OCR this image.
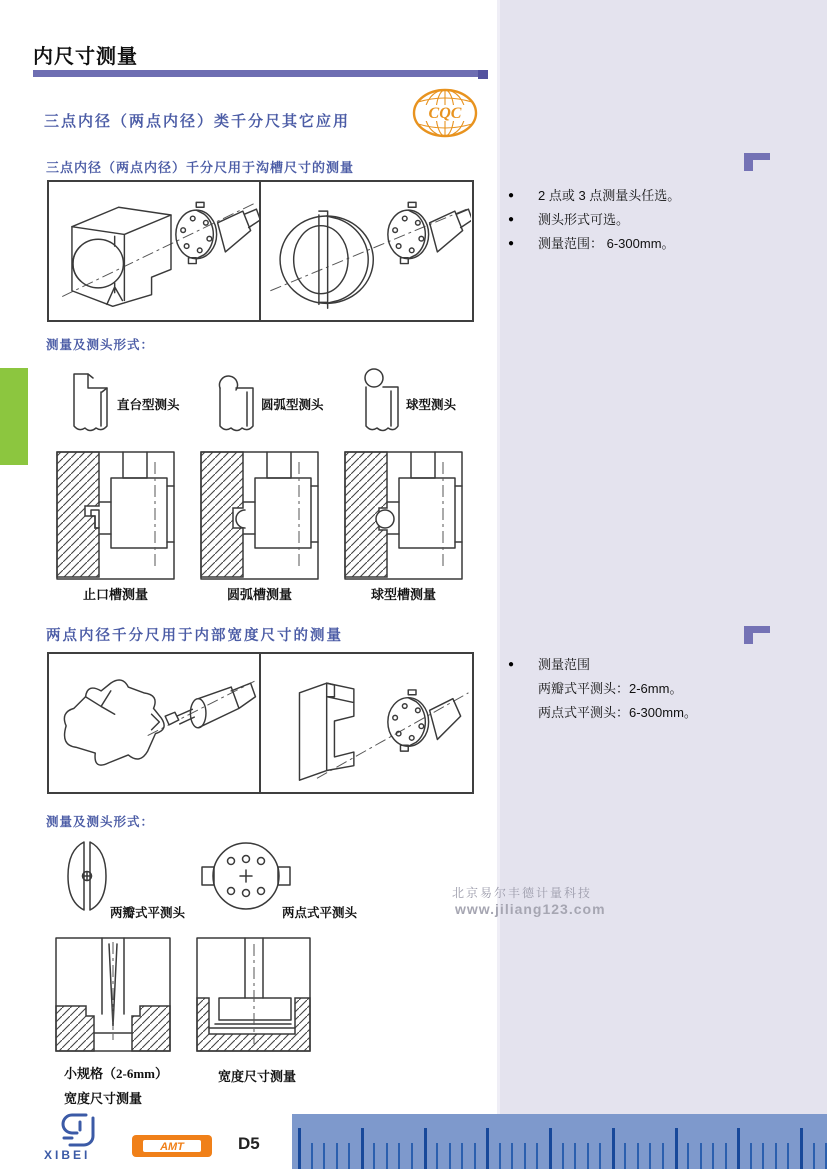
内尺寸测量
三点内径（两点内径）类千分尺其它应用	CQC
三点内径（两点内径）千分尺用于沟槽尺寸的测量
●	2 点或 3 点测量头任选。
●	测头形式可选。
●	测量范围： 6-300mm。
测量及测头形式：
直台型测头	圆弧型测头	球型测头
止口槽测量	圆弧槽测量	球型槽测量
两点内径千分尺用于内部宽度尺寸的测量
●	测量范围
两瓣式平测头：2-6mm。
两点式平测头：6-300mm。
测量及测头形式：
两瓣式平测头	两点式平测头
小规格（2-6mm）
宽度尺寸测量
宽度尺寸测量
北京易尔丰德计量科技
www.jiliang123.com
XIBEI
AMT	D5
